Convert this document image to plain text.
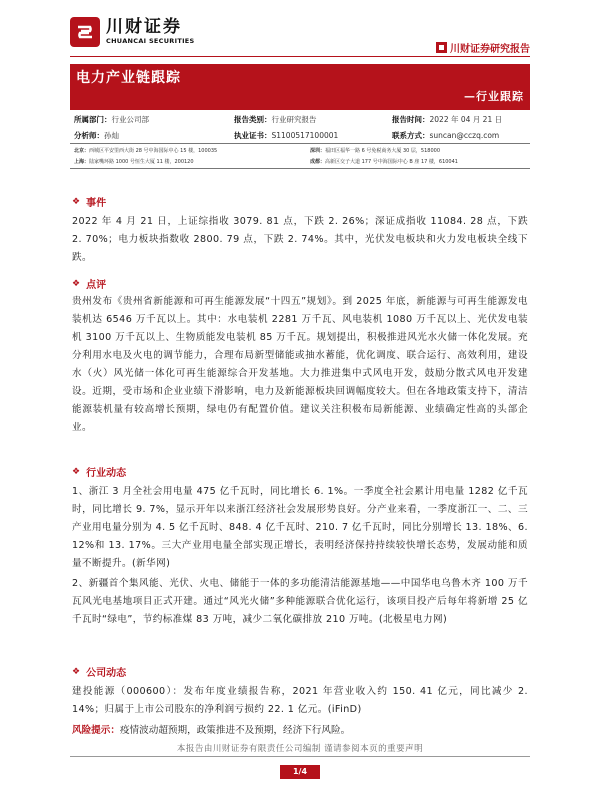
川财证券
CHUANCAI SECURITIES
川财证券研究报告
电力产业链跟踪
—行业跟踪
所属部门：行业公司部	报告类别：行业研究报告	报告时间：2022 年 04 月 21 日
分析师：孙灿	执业证书：S1100517100001	联系方式：suncan@cczq.com
北京：西城区平安里西大街 28 号中海国际中心 15 楼，100035	深圳：福田区福华一路 6 号免税商务大厦 30 层，518000
上海：陆家嘴环路 1000 号恒生大厦 11 楼，200120	成都：高新区交子大道 177 号中海国际中心 B 座 17 楼，610041
❖ 事件
2022 年 4 月 21 日，上证综指收 3079. 81 点，下跌 2. 26%；深证成指收 11084. 28 点，下跌 2. 70%；电力板块指数收 2800. 79 点，下跌 2. 74%。其中，光伏发电板块和火力发电板块全线下跌。
❖ 点评
贵州发布《贵州省新能源和可再生能源发展“十四五”规划》。到 2025 年底，新能源与可再生能源发电装机达 6546 万千瓦以上。其中：水电装机 2281 万千瓦、风电装机 1080 万千瓦以上、光伏发电装机 3100 万千瓦以上、生物质能发电装机 85 万千瓦。规划提出，积极推进风光水火储一体化发展。充分利用水电及火电的调节能力，合理布局新型储能或抽水蓄能，优化调度、联合运行、高效利用，建设水（火）风光储一体化可再生能源综合开发基地。大力推进集中式风电开发，鼓励分散式风电开发建设。近期，受市场和企业业绩下滑影响，电力及新能源板块回调幅度较大。但在各地政策支持下，清洁能源装机量有较高增长预期，绿电仍有配置价值。建议关注积极布局新能源、业绩确定性高的头部企业。
❖ 行业动态
1、浙江 3 月全社会用电量 475 亿千瓦时，同比增长 6. 1%。一季度全社会累计用电量 1282 亿千瓦时，同比增长 9. 7%，显示开年以来浙江经济社会发展形势良好。分产业来看，一季度浙江一、二、三产业用电量分别为 4. 5 亿千瓦时、848. 4 亿千瓦时、210. 7 亿千瓦时，同比分别增长 13. 18%、6. 12%和 13. 17%。三大产业用电量全部实现正增长，表明经济保持持续较快增长态势，发展动能和质量不断提升。(新华网)
2、新疆首个集风能、光伏、火电、储能于一体的多功能清洁能源基地——中国华电乌鲁木齐 100 万千瓦风光电基地项目正式开建。通过“风光火储”多种能源联合优化运行，该项目投产后每年将新增 25 亿千瓦时“绿电”，节约标准煤 83 万吨，减少二氧化碳排放 210 万吨。(北极星电力网)
❖ 公司动态
建投能源（000600）：发布年度业绩报告称，2021 年营业收入约 150. 41 亿元，同比减少 2. 14%；归属于上市公司股东的净利润亏损约 22. 1 亿元。(iFinD)
风险提示：疫情波动超预期，政策推进不及预期，经济下行风险。
本报告由川财证券有限责任公司编制 谨请参阅本页的重要声明
1/4
